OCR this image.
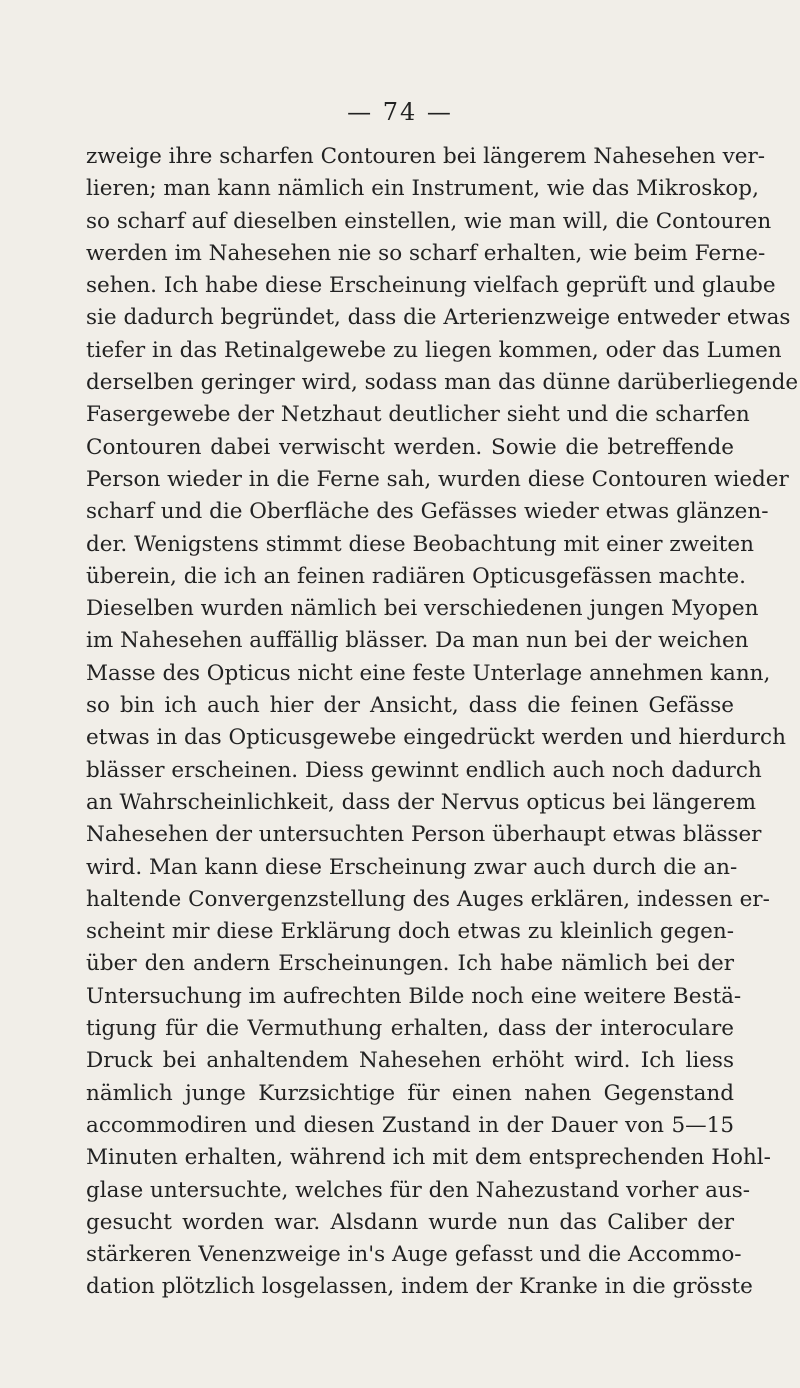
— 74 —
zweige ihre scharfen Contouren bei längerem Nahesehen ver-
lieren; man kann nämlich ein Instrument, wie das Mikroskop,
so scharf auf dieselben einstellen, wie man will, die Contouren
werden im Nahesehen nie so scharf erhalten, wie beim Ferne-
sehen. Ich habe diese Erscheinung vielfach geprüft und glaube
sie dadurch begründet, dass die Arterienzweige entweder etwas
tiefer in das Retinalgewebe zu liegen kommen, oder das Lumen
derselben geringer wird, sodass man das dünne darüberliegende
Fasergewebe der Netzhaut deutlicher sieht und die scharfen
Contouren dabei verwischt werden. Sowie die betreffende
Person wieder in die Ferne sah, wurden diese Contouren wieder
scharf und die Oberfläche des Gefässes wieder etwas glänzen-
der. Wenigstens stimmt diese Beobachtung mit einer zweiten
überein, die ich an feinen radiären Opticusgefässen machte.
Dieselben wurden nämlich bei verschiedenen jungen Myopen
im Nahesehen auffällig blässer. Da man nun bei der weichen
Masse des Opticus nicht eine feste Unterlage annehmen kann,
so bin ich auch hier der Ansicht, dass die feinen Gefässe
etwas in das Opticusgewebe eingedrückt werden und hierdurch
blässer erscheinen. Diess gewinnt endlich auch noch dadurch
an Wahrscheinlichkeit, dass der Nervus opticus bei längerem
Nahesehen der untersuchten Person überhaupt etwas blässer
wird. Man kann diese Erscheinung zwar auch durch die an-
haltende Convergenzstellung des Auges erklären, indessen er-
scheint mir diese Erklärung doch etwas zu kleinlich gegen-
über den andern Erscheinungen. Ich habe nämlich bei der
Untersuchung im aufrechten Bilde noch eine weitere Bestä-
tigung für die Vermuthung erhalten, dass der interoculare
Druck bei anhaltendem Nahesehen erhöht wird. Ich liess
nämlich junge Kurzsichtige für einen nahen Gegenstand
accommodiren und diesen Zustand in der Dauer von 5—15
Minuten erhalten, während ich mit dem entsprechenden Hohl-
glase untersuchte, welches für den Nahezustand vorher aus-
gesucht worden war. Alsdann wurde nun das Caliber der
stärkeren Venenzweige in's Auge gefasst und die Accommo-
dation plötzlich losgelassen, indem der Kranke in die grösste
